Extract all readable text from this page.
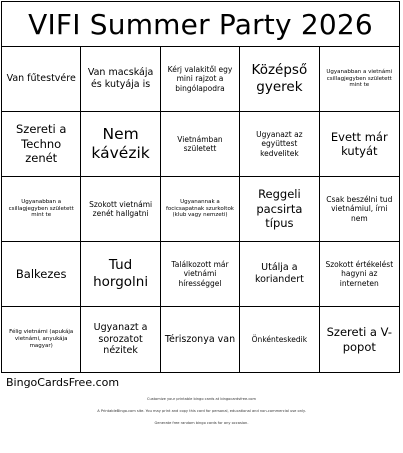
VIFI Summer Party 2026
Van fűtestvére
Van macskája és kutyája is
Kérj valakitől egy mini rajzot a bingólapodra
Középső gyerek
Ugyanabban a vietnámi csillagjegyben született mint te
Szereti a Techno zenét
Nem kávézik
Vietnámban született
Ugyanazt az együttest kedvelitek
Evett már kutyát
Ugyanabban a csillagjegyben született mint te
Szokott vietnámi zenét hallgatni
Ugyanannak a focicsapatnak szurkoltok (klub vagy nemzeti)
Reggeli pacsirta típus
Csak beszélni tud vietnámiul, írni nem
Balkezes
Tud horgolni
Találkozott már vietnámi hírességgel
Utálja a koriandert
Szokott értékelést hagyni az interneten
Félig vietnámi (apukája vietnámi, anyukája magyar)
Ugyanazt a sorozatot nézitek
Tériszonya van	Önkénteskedik
Szereti a V-popot
BingoCardsFree.com
Customize your printable bingo cards at bingocardsfree.com
A PrintableBingo.com site. You may print and copy this card for personal, educational and non-commercial use only.
Generate free random bingo cards for any occasion.
